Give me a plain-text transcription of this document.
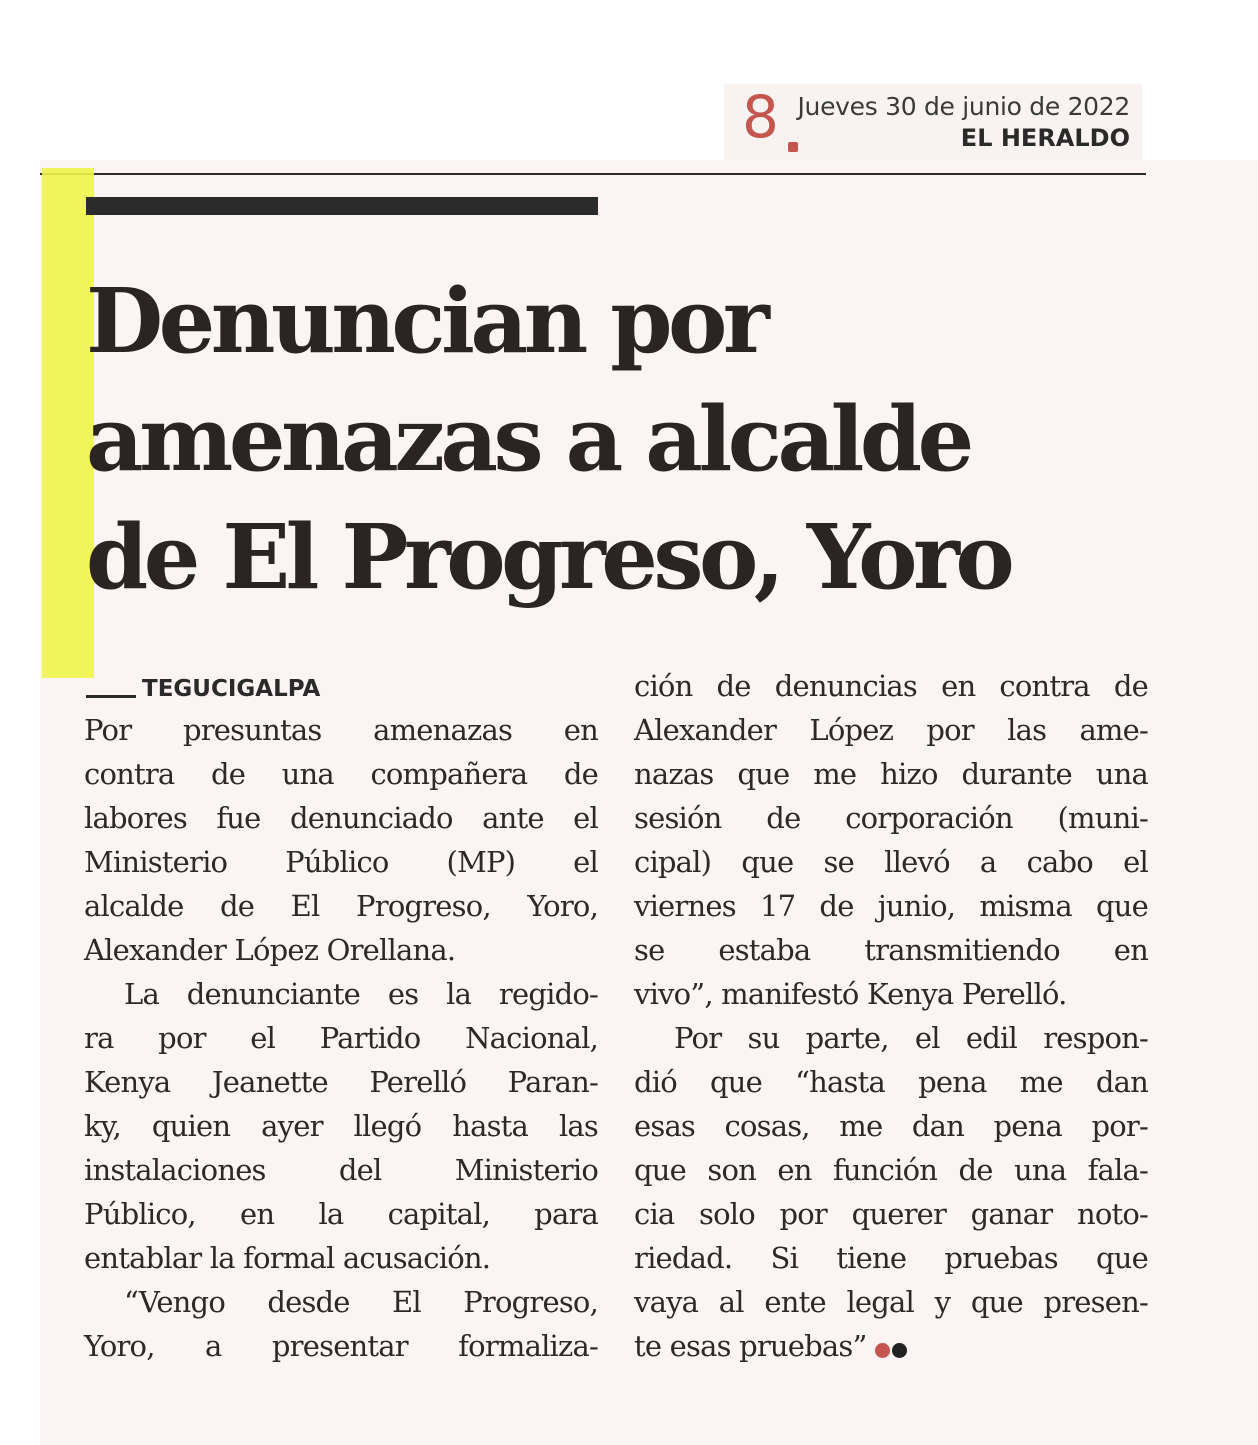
8 Jueves 30 de junio de 2022
EL HERALDO
Denuncian por
amenazas a alcalde
de El Progreso, Yoro
TEGUCIGALPA
Por presuntas amenazas en
contra de una compañera de
labores fue denunciado ante el
Ministerio Público (MP) el
alcalde de El Progreso, Yoro,
Alexander López Orellana.
La denunciante es la regido-
ra por el Partido Nacional,
Kenya Jeanette Perelló Paran-
ky, quien ayer llegó hasta las
instalaciones del Ministerio
Público, en la capital, para
entablar la formal acusación.
“Vengo desde El Progreso,
Yoro, a presentar formaliza-
ción de denuncias en contra de
Alexander López por las ame-
nazas que me hizo durante una
sesión de corporación (muni-
cipal) que se llevó a cabo el
viernes 17 de junio, misma que
se estaba transmitiendo en
vivo”, manifestó Kenya Perelló.
Por su parte, el edil respon-
dió que “hasta pena me dan
esas cosas, me dan pena por-
que son en función de una fala-
cia solo por querer ganar noto-
riedad. Si tiene pruebas que
vaya al ente legal y que presen-
te esas pruebas”
